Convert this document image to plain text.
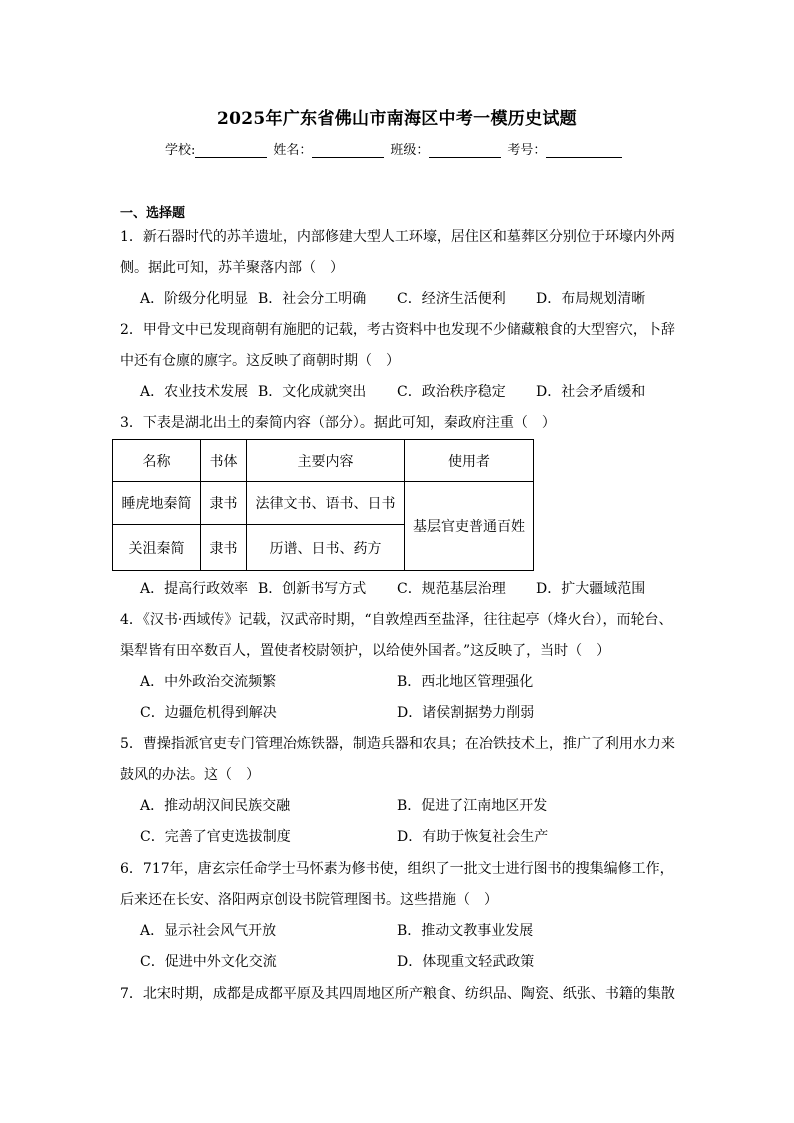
2025年广东省佛山市南海区中考一模历史试题
学校:	姓名：	班级：	考号：
一、选择题
1．新石器时代的苏羊遗址，内部修建大型人工环壕，居住区和墓葬区分别位于环壕内外两
侧。据此可知，苏羊聚落内部（　）
A．阶级分化明显 B．社会分工明确 C．经济生活便利 D．布局规划清晰
2．甲骨文中已发现商朝有施肥的记载，考古资料中也发现不少储藏粮食的大型窖穴，卜辞
中还有仓廪的廪字。这反映了商朝时期（　）
A．农业技术发展 B．文化成就突出 C．政治秩序稳定 D．社会矛盾缓和
3．下表是湖北出土的秦简内容（部分）。据此可知，秦政府注重（　）
名称	书体	主要内容	使用者
睡虎地秦简	隶书	法律文书、语书、日书	基层官吏普通百姓
关沮秦简	隶书	历谱、日书、药方	
A．提高行政效率 B．创新书写方式 C．规范基层治理 D．扩大疆域范围
4．《汉书·西域传》记载，汉武帝时期，“自敦煌西至盐泽，往往起亭（烽火台），而轮台、
渠犁皆有田卒数百人，置使者校尉领护，以给使外国者。”这反映了，当时（　）
A．中外政治交流频繁	B．西北地区管理强化
C．边疆危机得到解决	D．诸侯割据势力削弱
5．曹操指派官吏专门管理冶炼铁器，制造兵器和农具；在冶铁技术上，推广了利用水力来
鼓风的办法。这（　）
A．推动胡汉间民族交融	B．促进了江南地区开发
C．完善了官吏选拔制度	D．有助于恢复社会生产
6．717年，唐玄宗任命学士马怀素为修书使，组织了一批文士进行图书的搜集编修工作，
后来还在长安、洛阳两京创设书院管理图书。这些措施（　）
A．显示社会风气开放	B．推动文教事业发展
C．促进中外文化交流	D．体现重文轻武政策
7．北宋时期，成都是成都平原及其四周地区所产粮食、纺织品、陶瓷、纸张、书籍的集散
